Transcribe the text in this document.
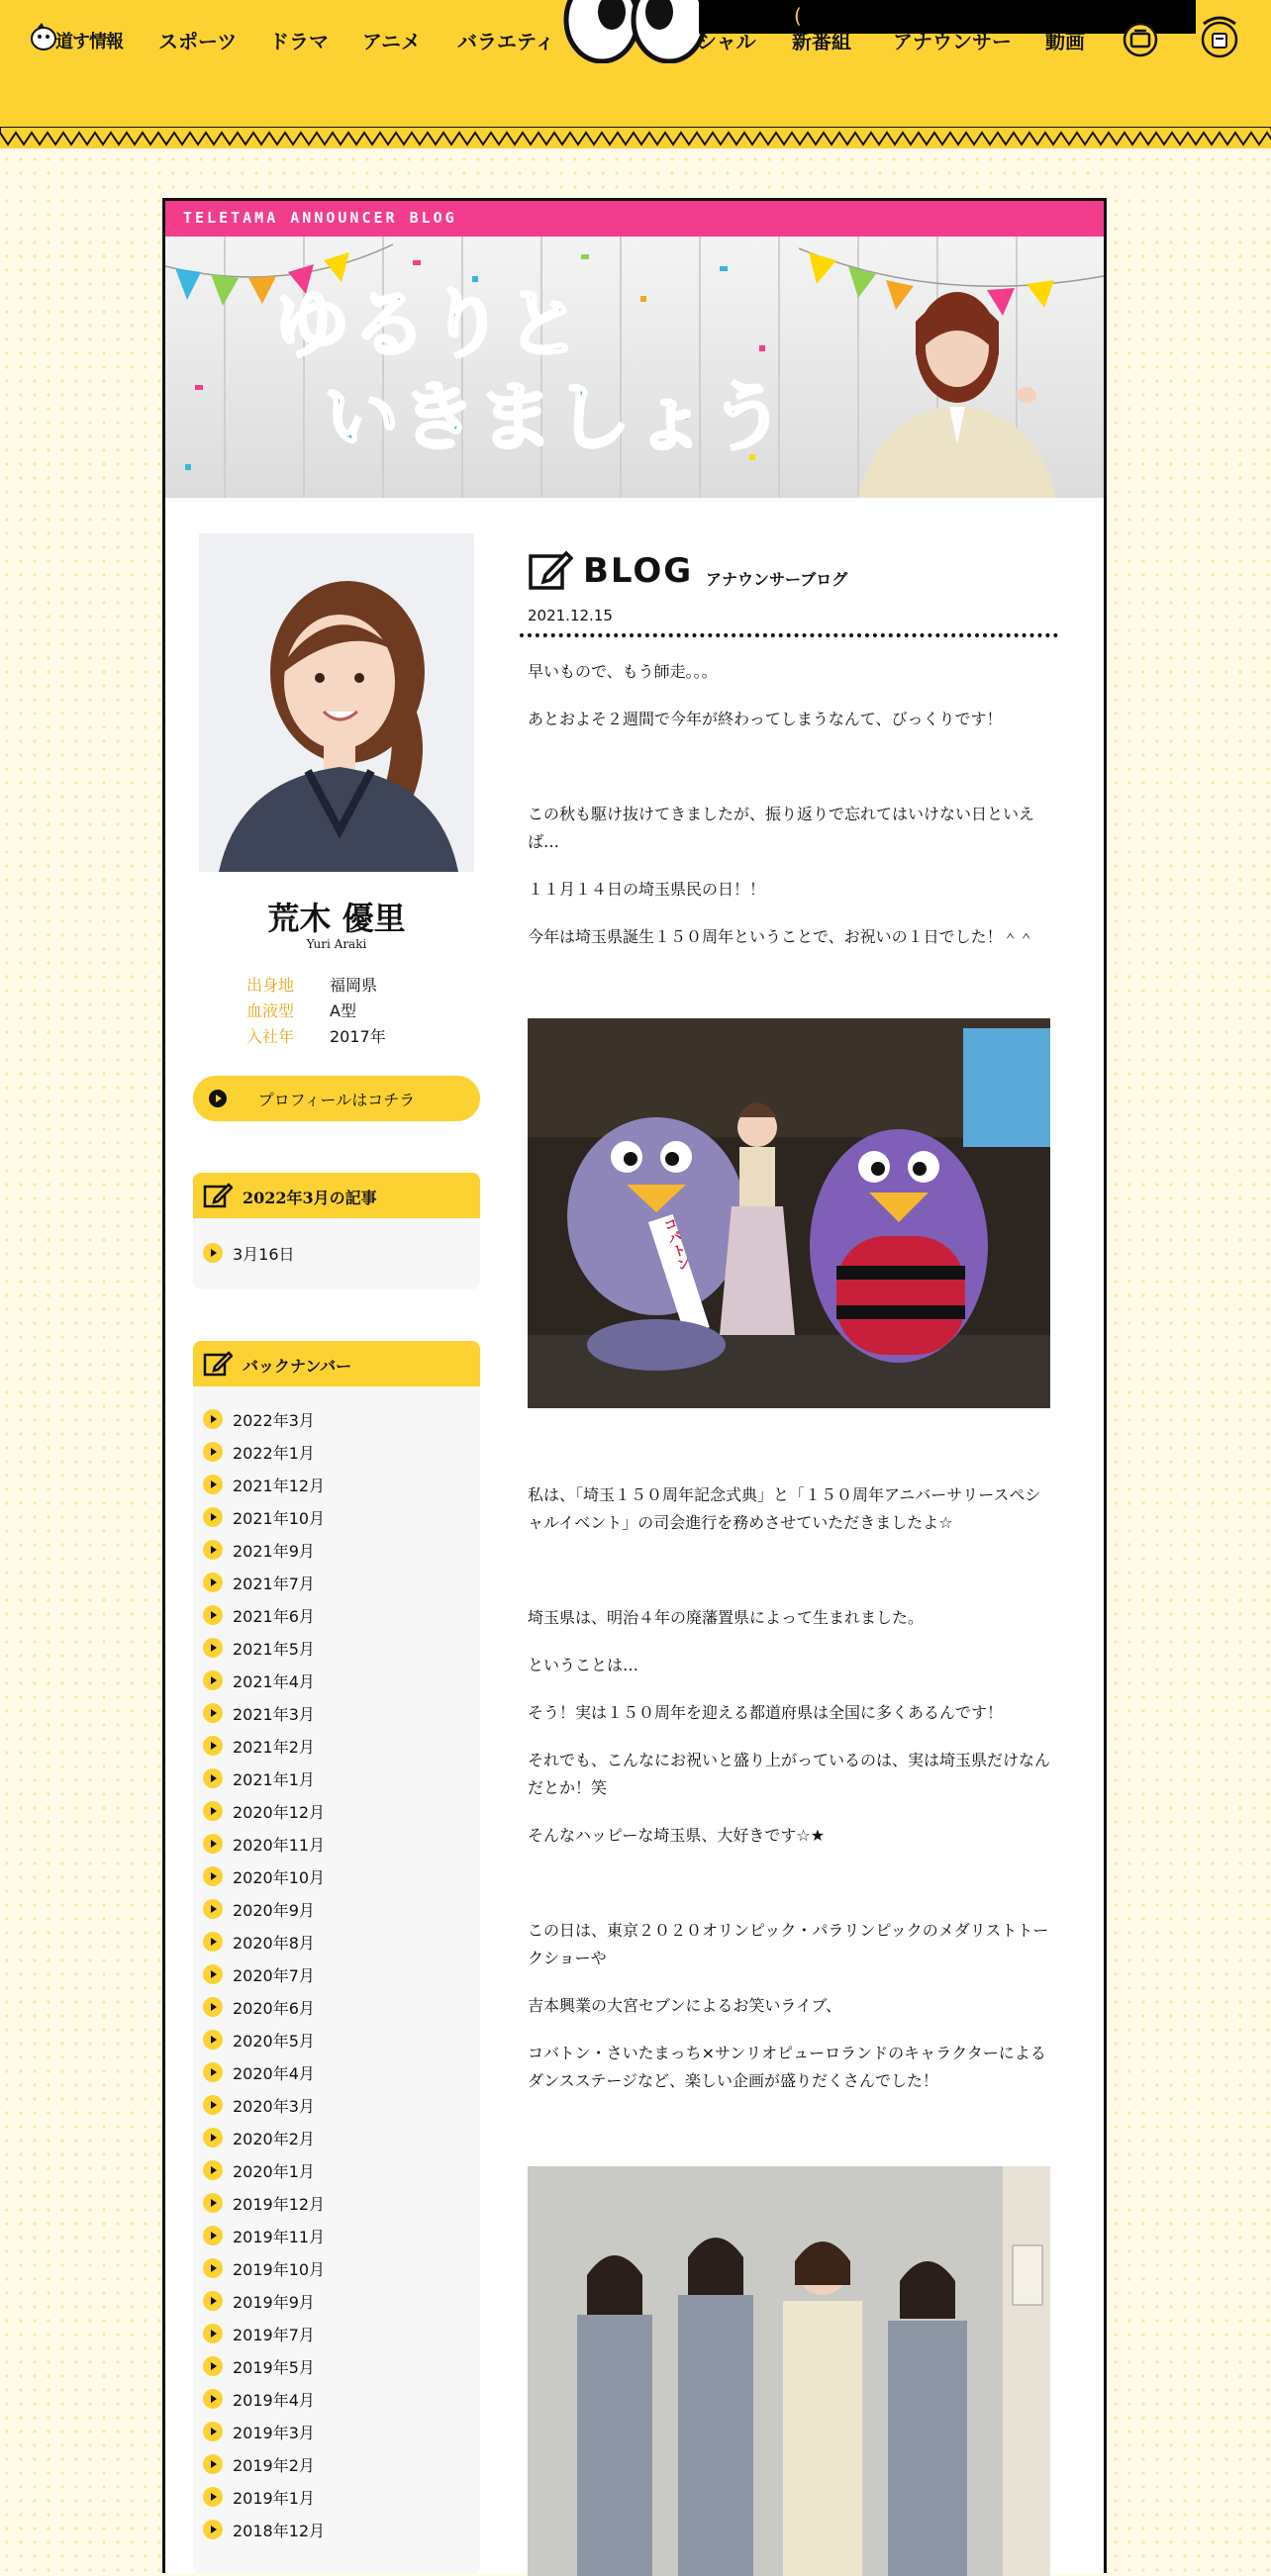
道す情報 スポーツ ドラマ アニメ バラエティ
(
シャル 新番組 アナウンサー 動画
TELETAMA ANNOUNCER BLOG
ゆるりと
いきましょう
荒木 優里
Yuri Araki
出身地	福岡県
血液型	A型
入社年	2017年
プロフィールはコチラ
2022年3月の記事
3月16日
バックナンバー
2022年3月
2022年1月
2021年12月
2021年10月
2021年9月
2021年7月
2021年6月
2021年5月
2021年4月
2021年3月
2021年2月
2021年1月
2020年12月
2020年11月
2020年10月
2020年9月
2020年8月
2020年7月
2020年6月
2020年5月
2020年4月
2020年3月
2020年2月
2020年1月
2019年12月
2019年11月
2019年10月
2019年9月
2019年7月
2019年5月
2019年4月
2019年3月
2019年2月
2019年1月
2018年12月
BLOG アナウンサーブログ
2021.12.15
早いもので、もう師走。。。
あとおよそ２週間で今年が終わってしまうなんて、びっくりです！
この秋も駆け抜けてきましたが、振り返りで忘れてはいけない日といえば…
１１月１４日の埼玉県民の日！！
今年は埼玉県誕生１５０周年ということで、お祝いの１日でした！＾＾
コバトン
私は、「埼玉１５０周年記念式典」と「１５０周年アニバーサリースペシャルイベント」の司会進行を務めさせていただきましたよ☆
埼玉県は、明治４年の廃藩置県によって生まれました。
ということは…
そう！実は１５０周年を迎える都道府県は全国に多くあるんです！
それでも、こんなにお祝いと盛り上がっているのは、実は埼玉県だけなんだとか！笑
そんなハッピーな埼玉県、大好きです☆★
この日は、東京２０２０オリンピック・パラリンピックのメダリストトークショーや
吉本興業の大宮セブンによるお笑いライブ、
コバトン・さいたまっち×サンリオピューロランドのキャラクターによるダンスステージなど、楽しい企画が盛りだくさんでした！
